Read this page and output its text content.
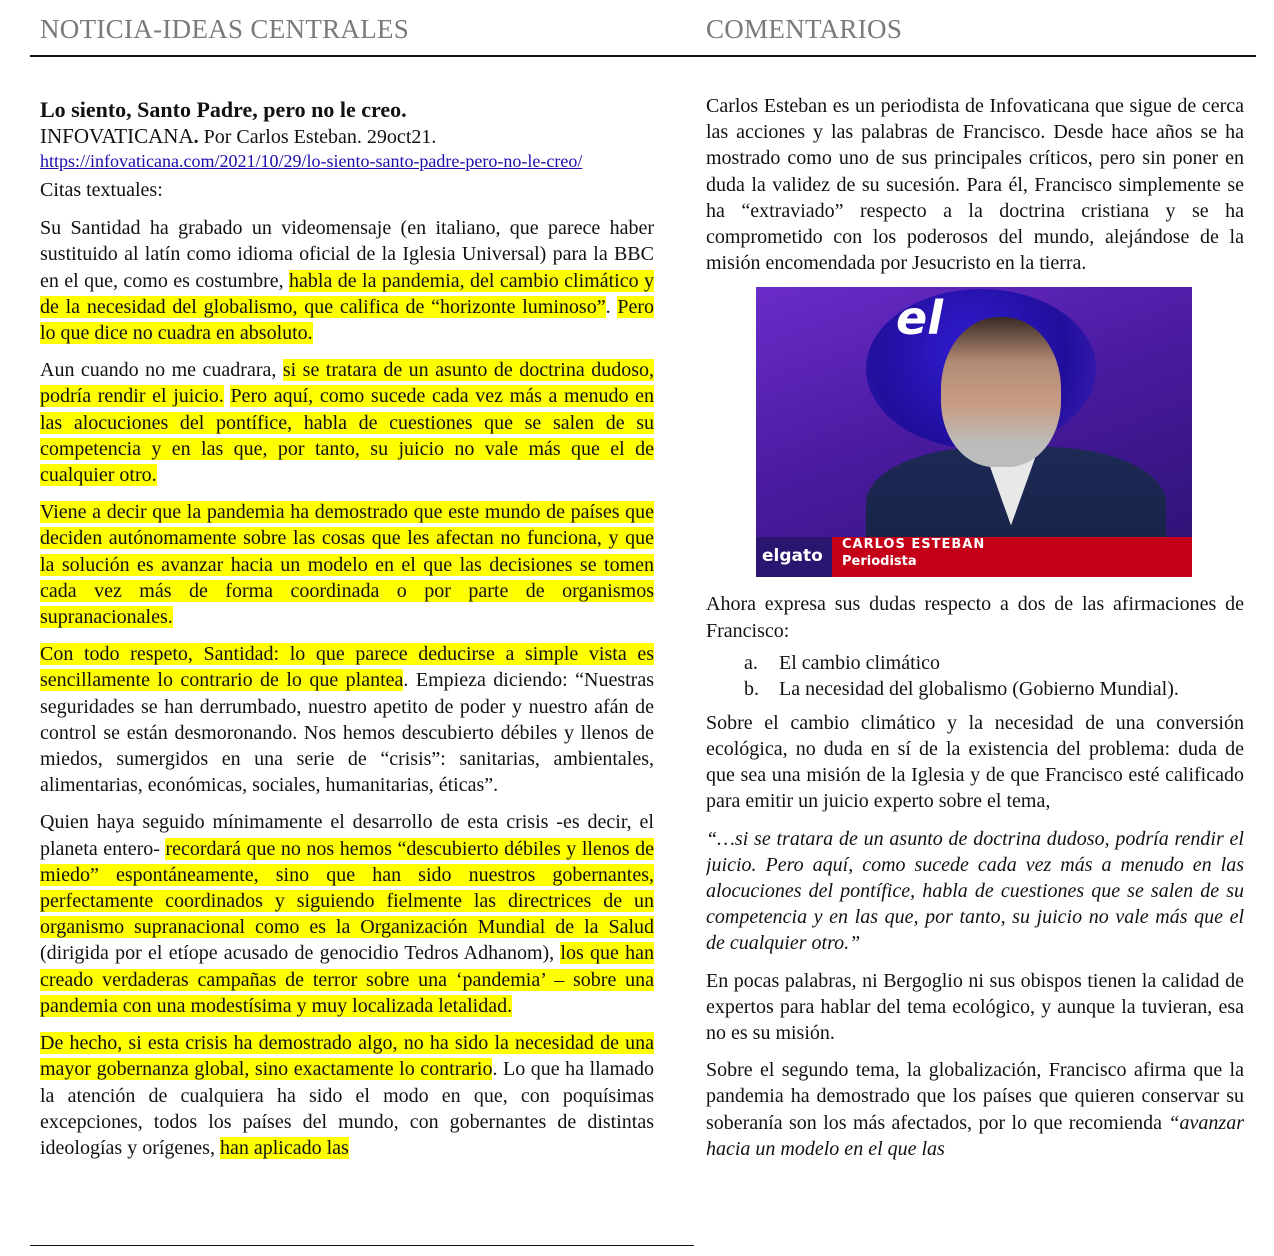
NOTICIA-IDEAS CENTRALES	COMENTARIOS
Lo siento, Santo Padre, pero no le creo.
INFOVATICANA. Por Carlos Esteban. 29oct21.
https://infovaticana.com/2021/10/29/lo-siento-santo-padre-pero-no-le-creo/
Citas textuales:

Su Santidad ha grabado un videomensaje (en italiano, que parece haber sustituido al latín como idioma oficial de la Iglesia Universal) para la BBC en el que, como es costumbre, habla de la pandemia, del cambio climático y de la necesidad del globalismo, que califica de “horizonte luminoso”. Pero lo que dice no cuadra en absoluto.

Aun cuando no me cuadrara, si se tratara de un asunto de doctrina dudoso, podría rendir el juicio. Pero aquí, como sucede cada vez más a menudo en las alocuciones del pontífice, habla de cuestiones que se salen de su competencia y en las que, por tanto, su juicio no vale más que el de cualquier otro.

Viene a decir que la pandemia ha demostrado que este mundo de países que deciden autónomamente sobre las cosas que les afectan no funciona, y que la solución es avanzar hacia un modelo en el que las decisiones se tomen cada vez más de forma coordinada o por parte de organismos supranacionales.

Con todo respeto, Santidad: lo que parece deducirse a simple vista es sencillamente lo contrario de lo que plantea. Empieza diciendo: “Nuestras seguridades se han derrumbado, nuestro apetito de poder y nuestro afán de control se están desmoronando. Nos hemos descubierto débiles y llenos de miedos, sumergidos en una serie de “crisis”: sanitarias, ambientales, alimentarias, económicas, sociales, humanitarias, éticas”.

Quien haya seguido mínimamente el desarrollo de esta crisis -es decir, el planeta entero- recordará que no nos hemos “descubierto débiles y llenos de miedo” espontáneamente, sino que han sido nuestros gobernantes, perfectamente coordinados y siguiendo fielmente las directrices de un organismo supranacional como es la Organización Mundial de la Salud (dirigida por el etíope acusado de genocidio Tedros Adhanom), los que han creado verdaderas campañas de terror sobre una ‘pandemia’ – sobre una pandemia con una modestísima y muy localizada letalidad.

De hecho, si esta crisis ha demostrado algo, no ha sido la necesidad de una mayor gobernanza global, sino exactamente lo contrario. Lo que ha llamado la atención de cualquiera ha sido el modo en que, con poquísimas excepciones, todos los países del mundo, con gobernantes de distintas ideologías y orígenes, han aplicado las

Carlos Esteban es un periodista de Infovaticana que sigue de cerca las acciones y las palabras de Francisco. Desde hace años se ha mostrado como uno de sus principales críticos, pero sin poner en duda la validez de su sucesión. Para él, Francisco simplemente se ha “extraviado” respecto a la doctrina cristiana y se ha comprometido con los poderosos del mundo, alejándose de la misión encomendada por Jesucristo en la tierra.

el
elgato
CARLOS ESTEBAN
Periodista

Ahora expresa sus dudas respecto a dos de las afirmaciones de Francisco:

a. El cambio climático
b. La necesidad del globalismo (Gobierno Mundial).

Sobre el cambio climático y la necesidad de una conversión ecológica, no duda en sí de la existencia del problema: duda de que sea una misión de la Iglesia y de que Francisco esté calificado para emitir un juicio experto sobre el tema,

“…si se tratara de un asunto de doctrina dudoso, podría rendir el juicio. Pero aquí, como sucede cada vez más a menudo en las alocuciones del pontífice, habla de cuestiones que se salen de su competencia y en las que, por tanto, su juicio no vale más que el de cualquier otro.”

En pocas palabras, ni Bergoglio ni sus obispos tienen la calidad de expertos para hablar del tema ecológico, y aunque la tuvieran, esa no es su misión.

Sobre el segundo tema, la globalización, Francisco afirma que la pandemia ha demostrado que los países que quieren conservar su soberanía son los más afectados, por lo que recomienda “avanzar hacia un modelo en el que las
